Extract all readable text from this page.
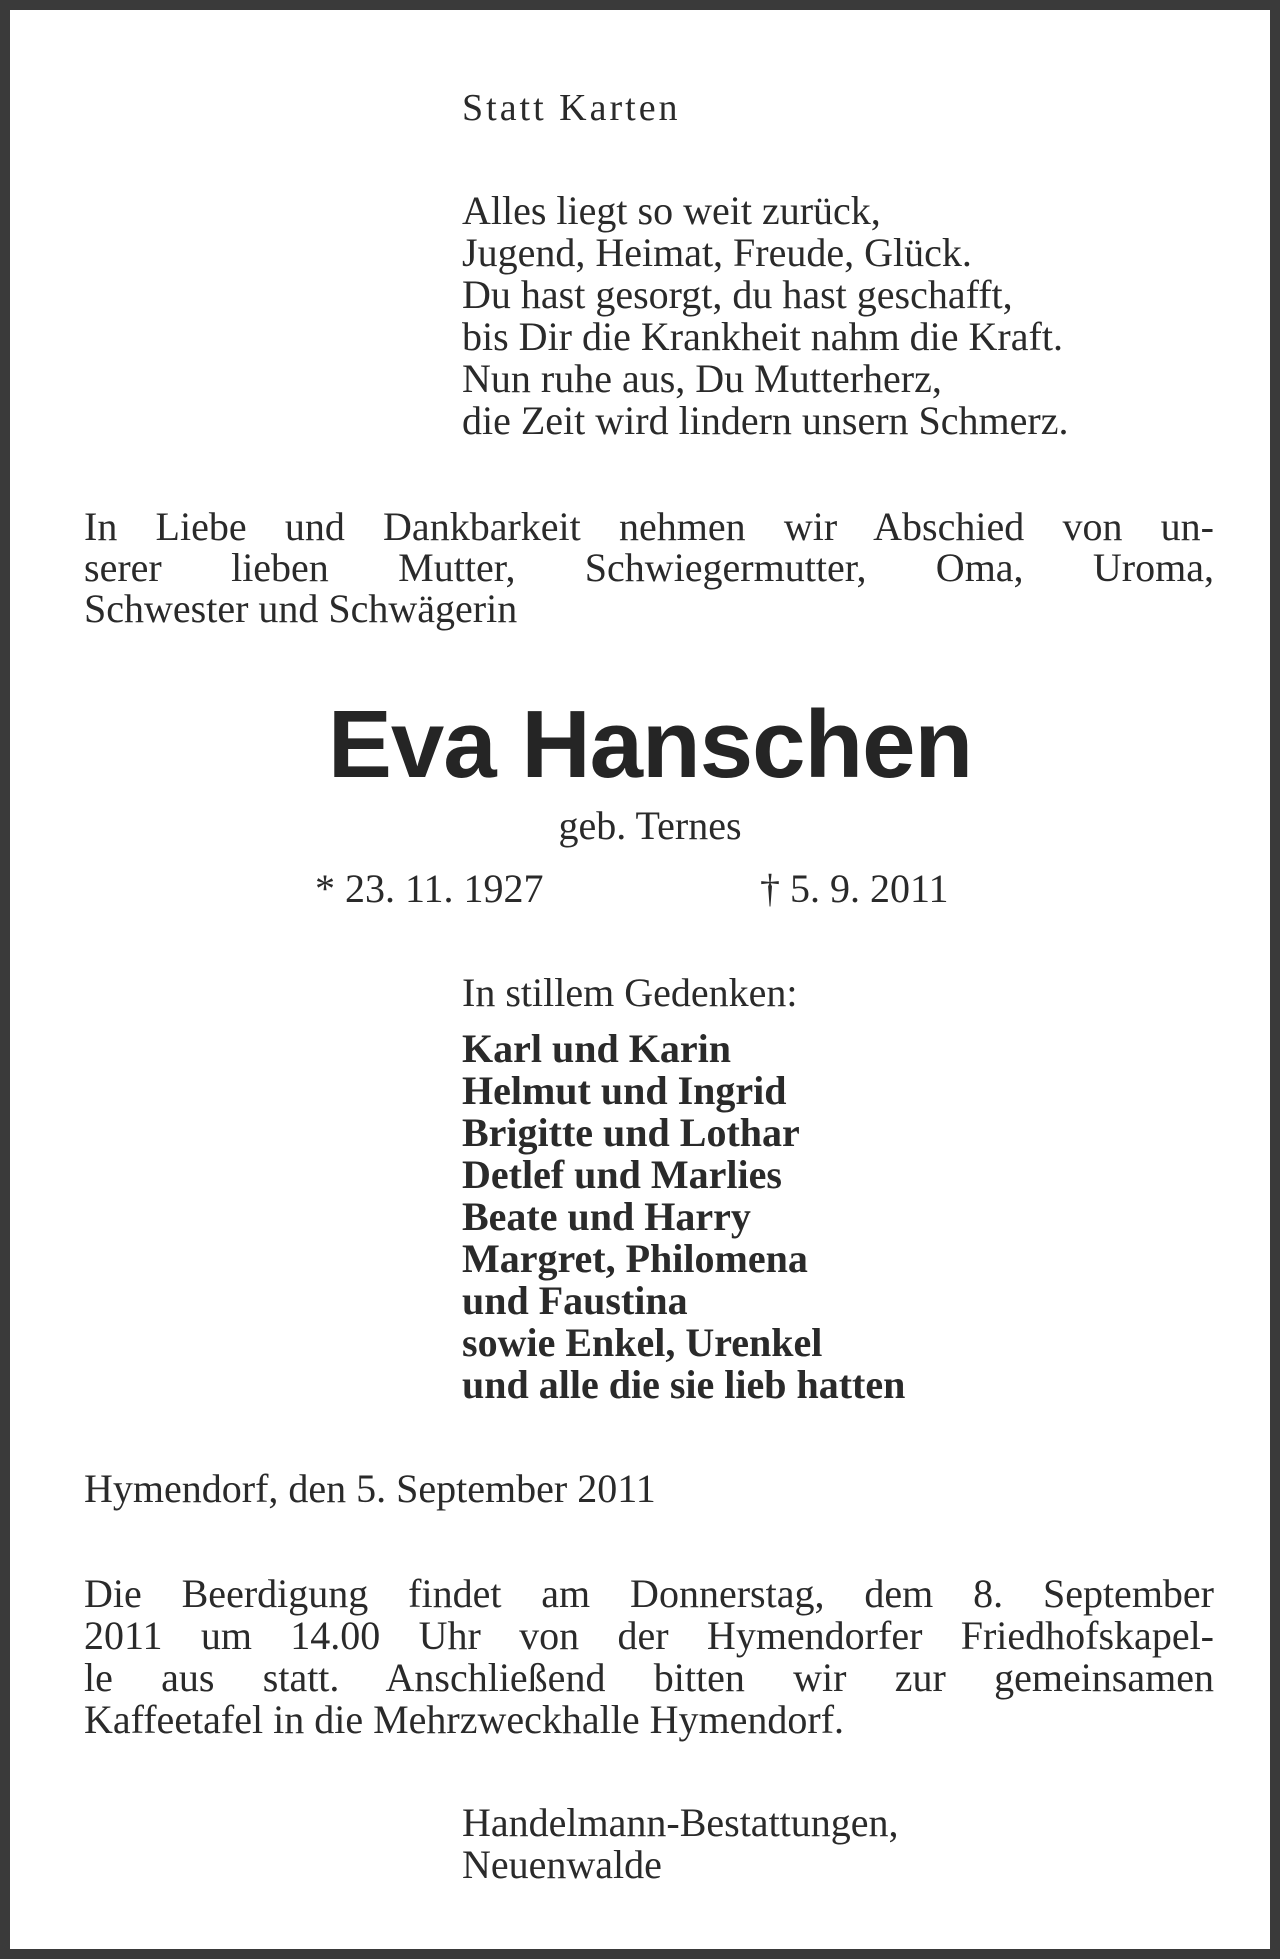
Statt Karten
Alles liegt so weit zurück,
Jugend, Heimat, Freude, Glück.
Du hast gesorgt, du hast geschafft,
bis Dir die Krankheit nahm die Kraft.
Nun ruhe aus, Du Mutterherz,
die Zeit wird lindern unsern Schmerz.
In Liebe und Dankbarkeit nehmen wir Abschied von un-
serer lieben Mutter, Schwiegermutter, Oma, Uroma,
Schwester und Schwägerin
Eva Hanschen
geb. Ternes
* 23. 11. 1927	† 5. 9. 2011
In stillem Gedenken:
Karl und Karin
Helmut und Ingrid
Brigitte und Lothar
Detlef und Marlies
Beate und Harry
Margret, Philomena
und Faustina
sowie Enkel, Urenkel
und alle die sie lieb hatten
Hymendorf, den 5. September 2011
Die Beerdigung findet am Donnerstag, dem 8. September
2011 um 14.00 Uhr von der Hymendorfer Friedhofskapel-
le aus statt. Anschließend bitten wir zur gemeinsamen
Kaffeetafel in die Mehrzweckhalle Hymendorf.
Handelmann-Bestattungen,
Neuenwalde
